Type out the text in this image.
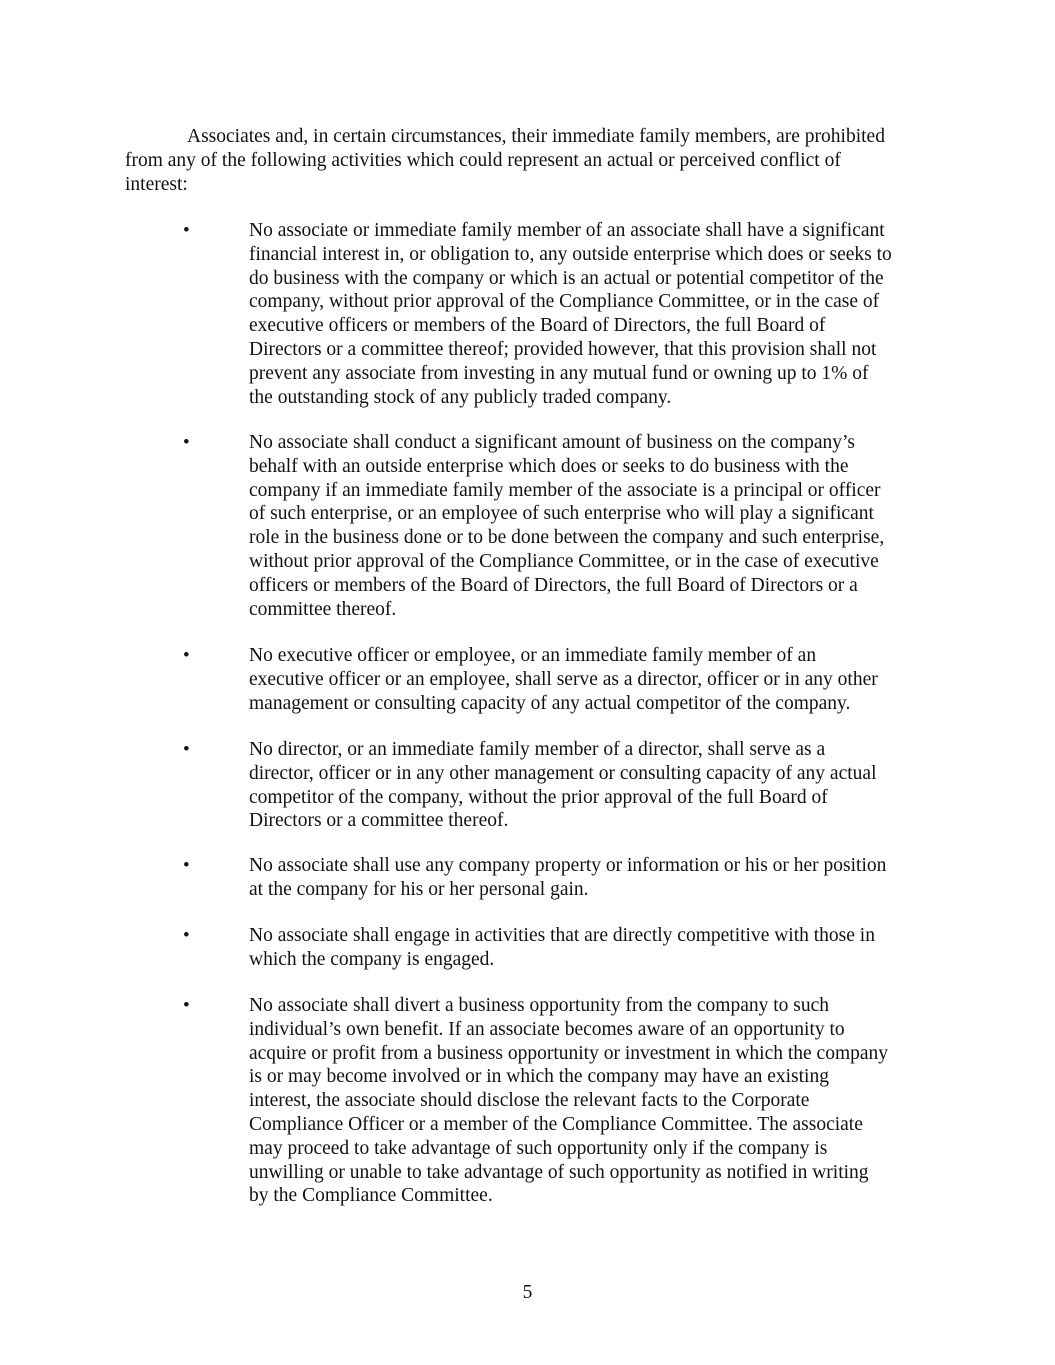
Associates and, in certain circumstances, their immediate family members, are prohibited
from any of the following activities which could represent an actual or perceived conflict of
interest:
•	No associate or immediate family member of an associate shall have a significant
financial interest in, or obligation to, any outside enterprise which does or seeks to
do business with the company or which is an actual or potential competitor of the
company, without prior approval of the Compliance Committee, or in the case of
executive officers or members of the Board of Directors, the full Board of
Directors or a committee thereof; provided however, that this provision shall not
prevent any associate from investing in any mutual fund or owning up to 1% of
the outstanding stock of any publicly traded company.
•	No associate shall conduct a significant amount of business on the company’s
behalf with an outside enterprise which does or seeks to do business with the
company if an immediate family member of the associate is a principal or officer
of such enterprise, or an employee of such enterprise who will play a significant
role in the business done or to be done between the company and such enterprise,
without prior approval of the Compliance Committee, or in the case of executive
officers or members of the Board of Directors, the full Board of Directors or a
committee thereof.
•	No executive officer or employee, or an immediate family member of an
executive officer or an employee, shall serve as a director, officer or in any other
management or consulting capacity of any actual competitor of the company.
•	No director, or an immediate family member of a director, shall serve as a
director, officer or in any other management or consulting capacity of any actual
competitor of the company, without the prior approval of the full Board of
Directors or a committee thereof.
•	No associate shall use any company property or information or his or her position
at the company for his or her personal gain.
•	No associate shall engage in activities that are directly competitive with those in
which the company is engaged.
•	No associate shall divert a business opportunity from the company to such
individual’s own benefit. If an associate becomes aware of an opportunity to
acquire or profit from a business opportunity or investment in which the company
is or may become involved or in which the company may have an existing
interest, the associate should disclose the relevant facts to the Corporate
Compliance Officer or a member of the Compliance Committee. The associate
may proceed to take advantage of such opportunity only if the company is
unwilling or unable to take advantage of such opportunity as notified in writing
by the Compliance Committee.
5
